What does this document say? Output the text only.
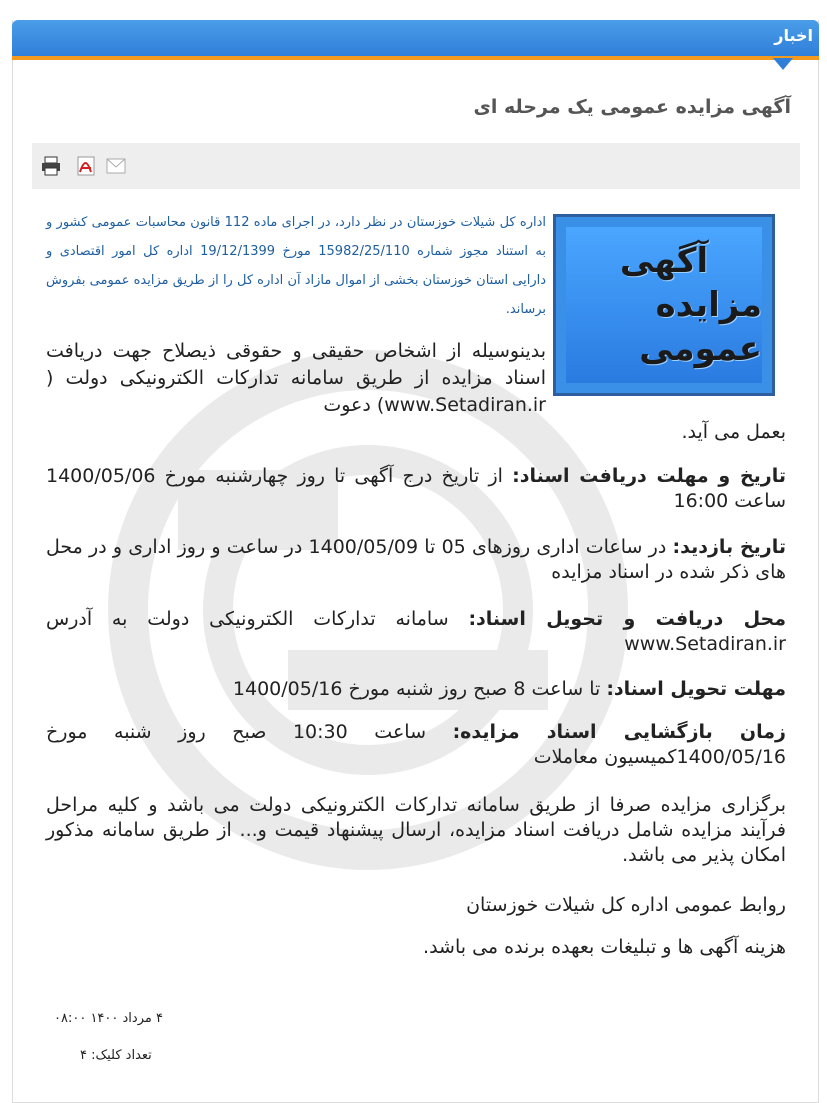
اخبار
آگهی مزایده عمومی یک مرحله ای
آگهی
مزایده عمومی
اداره کل شیلات خوزستان در نظر دارد، در اجرای ماده 112 قانون محاسبات عمومی کشور و به استناد مجوز شماره 15982/25/110 مورخ 19/12/1399 اداره کل امور اقتصادی و دارایی استان خوزستان بخشی از اموال مازاد آن اداره کل را از طریق مزایده عمومی بفروش برساند.
بدینوسیله از اشخاص حقیقی و حقوقی ذیصلاح جهت دریافت اسناد مزایده از طریق سامانه تدارکات الکترونیکی دولت ( www.Setadiran.ir) دعوت
بعمل می آید.
تاریخ و مهلت دریافت اسناد: از تاریخ درج آگهی تا روز چهارشنبه مورخ 1400/05/06 ساعت 16:00
تاریخ بازدید: در ساعات اداری روزهای 05 تا 1400/05/09 در ساعت و روز اداری و در محل های ذکر شده در اسناد مزایده
محل دریافت و تحویل اسناد: سامانه تدارکات الکترونیکی دولت به آدرس www.Setadiran.ir
مهلت تحویل اسناد: تا ساعت 8 صبح روز شنبه مورخ 1400/05/16
زمان بازگشایی اسناد مزایده: ساعت 10:30 صبح روز شنبه مورخ 1400/05/16کمیسیون معاملات
برگزاری مزایده صرفا از طریق سامانه تدارکات الکترونیکی دولت می باشد و کلیه مراحل فرآیند مزایده شامل دریافت اسناد مزایده، ارسال پیشنهاد قیمت و... از طریق سامانه مذکور امکان پذیر می باشد.
روابط عمومی اداره کل شیلات خوزستان
هزینه آگهی ها و تبلیغات بعهده برنده می باشد.
۴ مرداد ۱۴۰۰ ۰۸:۰۰
تعداد کلیک: ۴
